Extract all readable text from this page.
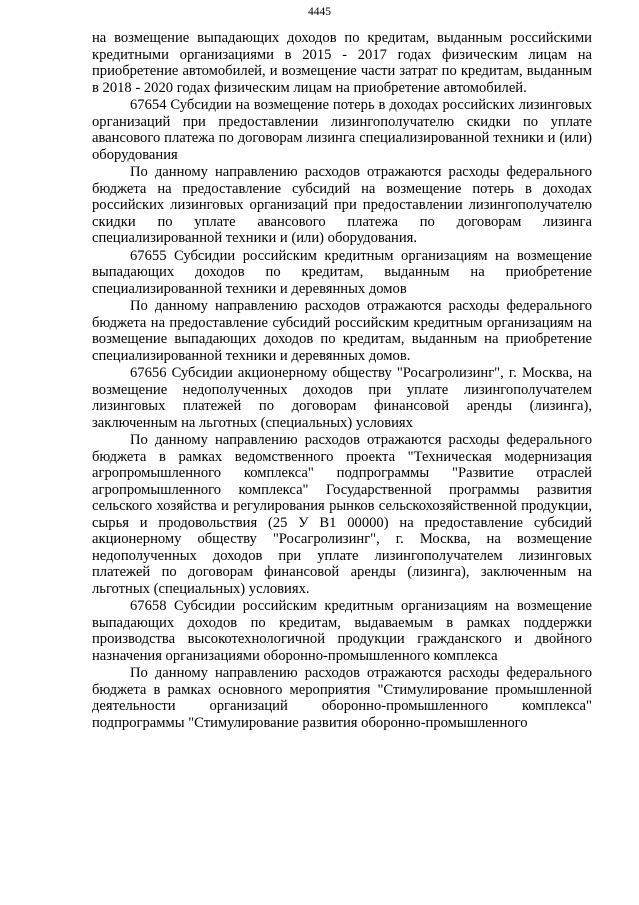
4445

на возмещение выпадающих доходов по кредитам, выданным российскими кредитными организациями в 2015 - 2017 годах физическим лицам на приобретение автомобилей, и возмещение части затрат по кредитам, выданным в 2018 - 2020 годах физическим лицам на приобретение автомобилей.

67654 Субсидии на возмещение потерь в доходах российских лизинговых организаций при предоставлении лизингополучателю скидки по уплате авансового платежа по договорам лизинга специализированной техники и (или) оборудования

По данному направлению расходов отражаются расходы федерального бюджета на предоставление субсидий на возмещение потерь в доходах российских лизинговых организаций при предоставлении лизингополучателю скидки по уплате авансового платежа по договорам лизинга специализированной техники и (или) оборудования.

67655 Субсидии российским кредитным организациям на возмещение выпадающих доходов по кредитам, выданным на приобретение специализированной техники и деревянных домов

По данному направлению расходов отражаются расходы федерального бюджета на предоставление субсидий российским кредитным организациям на возмещение выпадающих доходов по кредитам, выданным на приобретение специализированной техники и деревянных домов.

67656 Субсидии акционерному обществу "Росагролизинг", г. Москва, на возмещение недополученных доходов при уплате лизингополучателем лизинговых платежей по договорам финансовой аренды (лизинга), заключенным на льготных (специальных) условиях

По данному направлению расходов отражаются расходы федерального бюджета в рамках ведомственного проекта "Техническая модернизация агропромышленного комплекса" подпрограммы "Развитие отраслей агропромышленного комплекса" Государственной программы развития сельского хозяйства и регулирования рынков сельскохозяйственной продукции, сырья и продовольствия (25 У В1 00000) на предоставление субсидий акционерному обществу "Росагролизинг", г. Москва, на возмещение недополученных доходов при уплате лизингополучателем лизинговых платежей по договорам финансовой аренды (лизинга), заключенным на льготных (специальных) условиях.

67658 Субсидии российским кредитным организациям на возмещение выпадающих доходов по кредитам, выдаваемым в рамках поддержки производства высокотехнологичной продукции гражданского и двойного назначения организациями оборонно-промышленного комплекса

По данному направлению расходов отражаются расходы федерального бюджета в рамках основного мероприятия "Стимулирование промышленной деятельности организаций оборонно-промышленного комплекса" подпрограммы "Стимулирование развития оборонно-промышленного
